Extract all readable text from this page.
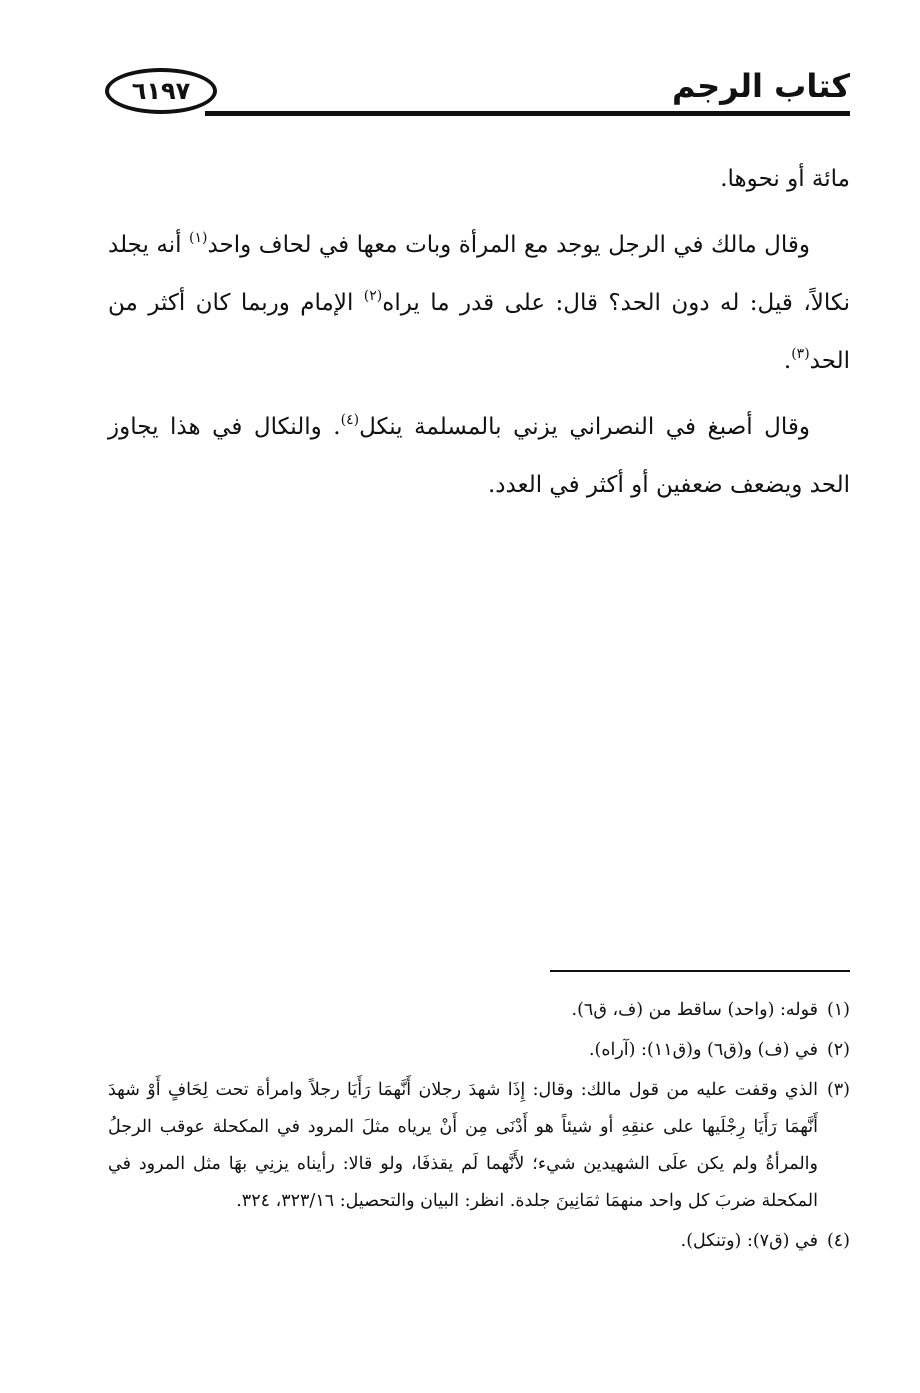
كتاب الرجم
٦١٩٧

مائة أو نحوها.

وقال مالك في الرجل يوجد مع المرأة وبات معها في لحاف واحد$^{(١)}$ أنه يجلد نكالاً، قيل: له دون الحد؟ قال: على قدر ما يراه$^{(٢)}$ الإمام وربما كان أكثر من الحد$^{(٣)}$.

وقال أصبغ في النصراني يزني بالمسلمة ينكل$^{(٤)}$. والنكال في هذا يجاوز الحد ويضعف ضعفين أو أكثر في العدد.

(١)
قوله: (واحد) ساقط من (ف، ق٦).
(٢)
في (ف) و(ق٦) و(ق١١): (آراه).
(٣)
الذي وقفت عليه من قول مالك: وقال: إِذَا شهدَ رجلان أَنَّهمَا رَأَيَا رجلاً وامرأة تحت لِحَافٍ أَوْ شهدَ أَنَّهمَا رَأَيَا رِجْلَيها على عنقِهِ أو شيئاً هو أَدْنَى مِن أَنْ يرياه مثلَ المرود في المكحلة عوقب الرجلُ والمرأةُ ولم يكن علَى الشهيدين شيء؛ لأَنَّهما لَم يقذفَا، ولو قالا: رأيناه يزنِي بهَا مثل المرود في المكحلة ضربَ كل واحد منهمَا ثمَانِينَ جلدة. انظر: البيان والتحصيل: ٣٢٣/١٦، ٣٢٤.
(٤)
في (ق٧): (وتنكل).
